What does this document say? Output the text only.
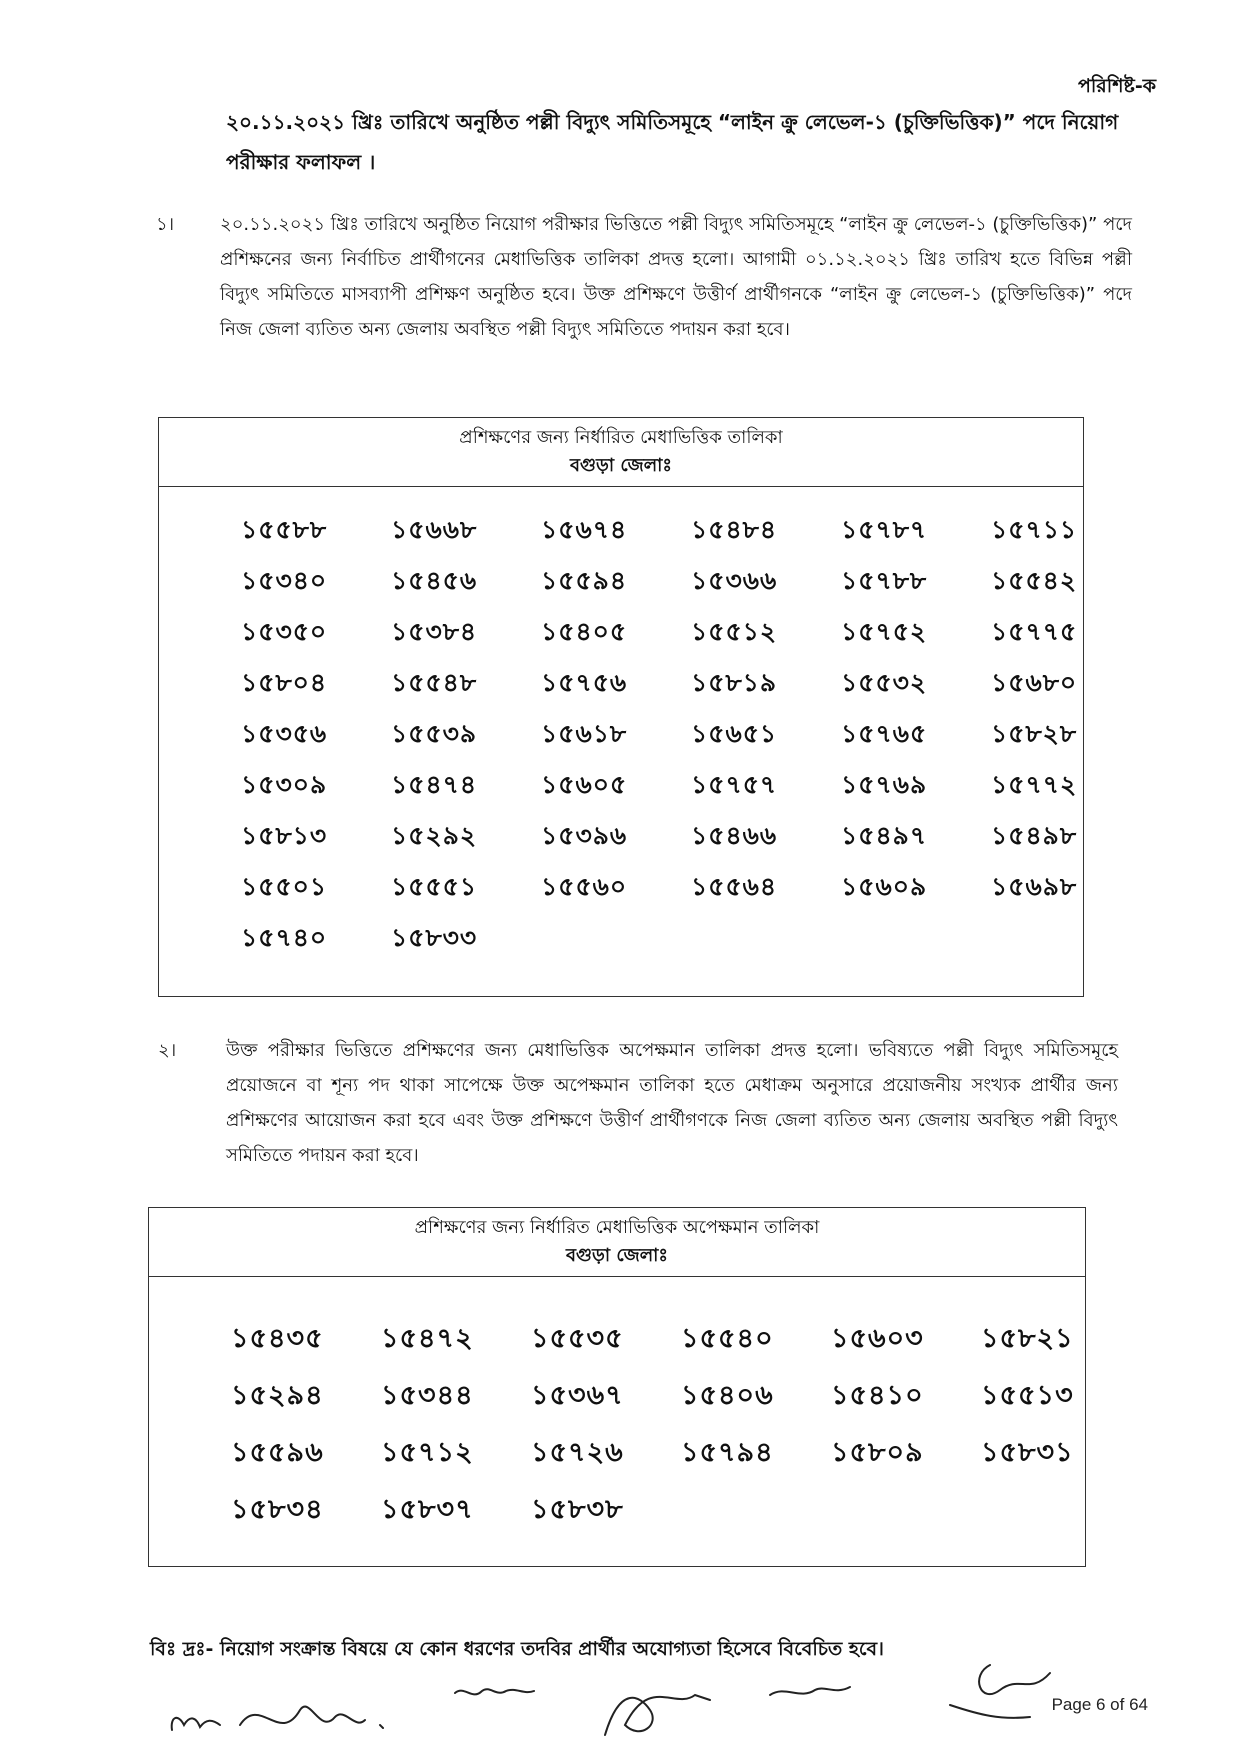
পরিশিষ্ট-ক
২০.১১.২০২১ খ্রিঃ তারিখে অনুষ্ঠিত পল্লী বিদ্যুৎ সমিতিসমূহে “লাইন ক্রু লেভেল-১ (চুক্তিভিত্তিক)” পদে নিয়োগ পরীক্ষার ফলাফল ।
১।	২০.১১.২০২১ খ্রিঃ তারিখে অনুষ্ঠিত নিয়োগ পরীক্ষার ভিত্তিতে পল্লী বিদ্যুৎ সমিতিসমূহে “লাইন ক্রু লেভেল-১ (চুক্তিভিত্তিক)” পদে প্রশিক্ষনের জন্য নির্বাচিত প্রার্থীগনের মেধাভিত্তিক তালিকা প্রদত্ত হলো। আগামী ০১.১২.২০২১ খ্রিঃ তারিখ হতে বিভিন্ন পল্লী বিদ্যুৎ সমিতিতে মাসব্যাপী প্রশিক্ষণ অনুষ্ঠিত হবে। উক্ত প্রশিক্ষণে উত্তীর্ণ প্রার্থীগনকে “লাইন ক্রু লেভেল-১ (চুক্তিভিত্তিক)” পদে নিজ জেলা ব্যতিত অন্য জেলায় অবস্থিত পল্লী বিদ্যুৎ সমিতিতে পদায়ন করা হবে।
প্রশিক্ষণের জন্য নির্ধারিত মেধাভিত্তিক তালিকা
বগুড়া জেলাঃ
১৫৫৮৮	১৫৬৬৮	১৫৬৭৪	১৫৪৮৪	১৫৭৮৭	১৫৭১১
১৫৩৪০	১৫৪৫৬	১৫৫৯৪	১৫৩৬৬	১৫৭৮৮	১৫৫৪২
১৫৩৫০	১৫৩৮৪	১৫৪০৫	১৫৫১২	১৫৭৫২	১৫৭৭৫
১৫৮০৪	১৫৫৪৮	১৫৭৫৬	১৫৮১৯	১৫৫৩২	১৫৬৮০
১৫৩৫৬	১৫৫৩৯	১৫৬১৮	১৫৬৫১	১৫৭৬৫	১৫৮২৮
১৫৩০৯	১৫৪৭৪	১৫৬০৫	১৫৭৫৭	১৫৭৬৯	১৫৭৭২
১৫৮১৩	১৫২৯২	১৫৩৯৬	১৫৪৬৬	১৫৪৯৭	১৫৪৯৮
১৫৫০১	১৫৫৫১	১৫৫৬০	১৫৫৬৪	১৫৬০৯	১৫৬৯৮
১৫৭৪০	১৫৮৩৩
২।	উক্ত পরীক্ষার ভিত্তিতে প্রশিক্ষণের জন্য মেধাভিত্তিক অপেক্ষমান তালিকা প্রদত্ত হলো। ভবিষ্যতে পল্লী বিদ্যুৎ সমিতিসমূহে প্রয়োজনে বা শূন্য পদ থাকা সাপেক্ষে উক্ত অপেক্ষমান তালিকা হতে মেধাক্রম অনুসারে প্রয়োজনীয় সংখ্যক প্রার্থীর জন্য প্রশিক্ষণের আয়োজন করা হবে এবং উক্ত প্রশিক্ষণে উত্তীর্ণ প্রার্থীগণকে নিজ জেলা ব্যতিত অন্য জেলায় অবস্থিত পল্লী বিদ্যুৎ সমিতিতে পদায়ন করা হবে।
প্রশিক্ষণের জন্য নির্ধারিত মেধাভিত্তিক অপেক্ষমান তালিকা
বগুড়া জেলাঃ
১৫৪৩৫ ১৫৪৭২ ১৫৫৩৫ ১৫৫৪০ ১৫৬০৩ ১৫৮২১
১৫২৯৪ ১৫৩৪৪ ১৫৩৬৭ ১৫৪০৬ ১৫৪১০ ১৫৫১৩
১৫৫৯৬ ১৫৭১২ ১৫৭২৬ ১৫৭৯৪ ১৫৮০৯ ১৫৮৩১
১৫৮৩৪ ১৫৮৩৭ ১৫৮৩৮
বিঃ দ্রঃ- নিয়োগ সংক্রান্ত বিষয়ে যে কোন ধরণের তদবির প্রার্থীর অযোগ্যতা হিসেবে বিবেচিত হবে।
Page 6 of 64
